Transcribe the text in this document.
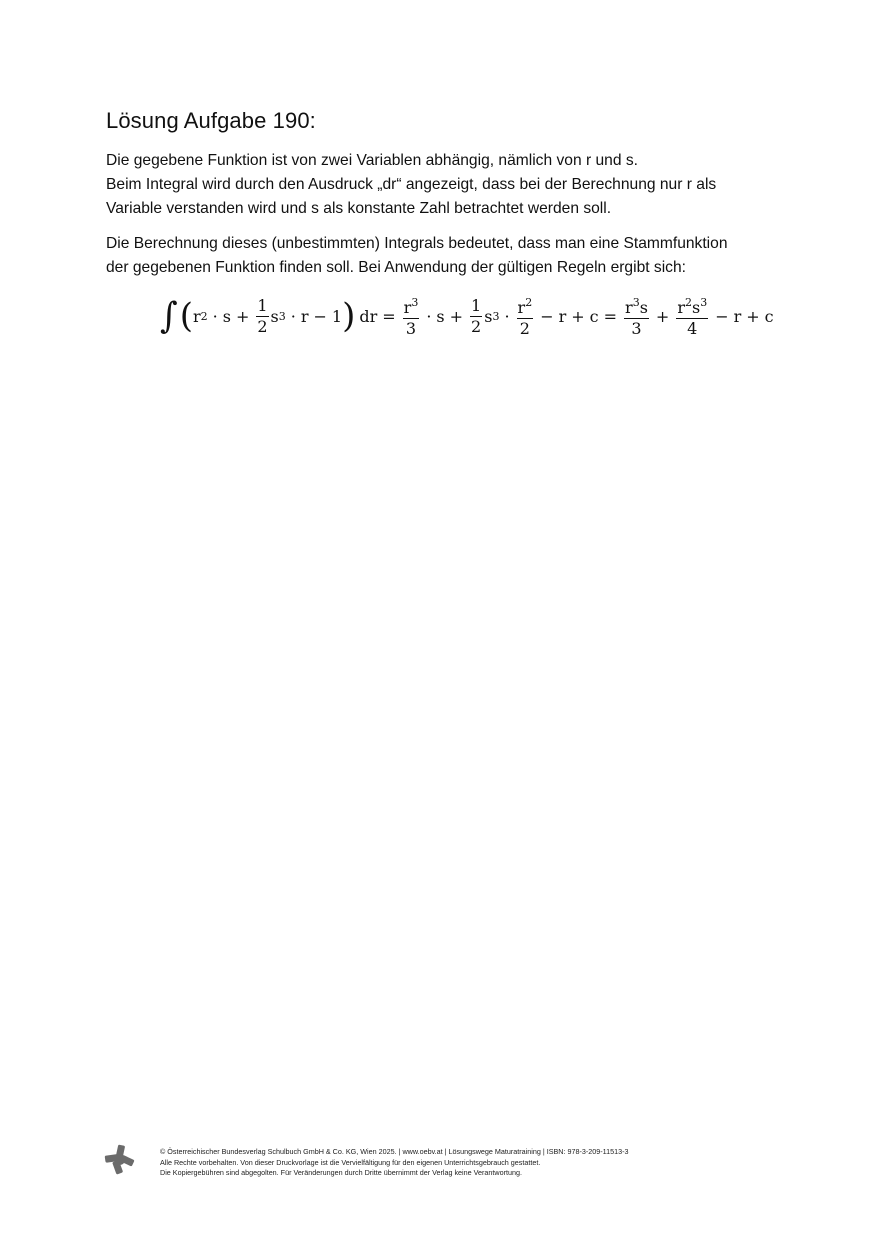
Lösung Aufgabe 190:
Die gegebene Funktion ist von zwei Variablen abhängig, nämlich von r und s.
Beim Integral wird durch den Ausdruck „dr“ angezeigt, dass bei der Berechnung nur r als
Variable verstanden wird und s als konstante Zahl betrachtet werden soll.
Die Berechnung dieses (unbestimmten) Integrals bedeutet, dass man eine Stammfunktion
der gegebenen Funktion finden soll. Bei Anwendung der gültigen Regeln ergibt sich:
∫ ( r $2 \cdot s + \frac{1}{2}$ s 3 · r − 1 ) dr = $\frac{r^3}{3} \cdot s + \frac{1}{2}$ s $3 \cdot \frac{r^2}{2} - r + c = \frac{r^3s}{3} + \frac{r^2s^3}{4} - r + c$
© Österreichischer Bundesverlag Schulbuch GmbH & Co. KG, Wien 2025. | www.oebv.at | Lösungswege Maturatraining | ISBN: 978-3-209-11513-3
Alle Rechte vorbehalten. Von dieser Druckvorlage ist die Vervielfältigung für den eigenen Unterrichtsgebrauch gestattet.
Die Kopiergebühren sind abgegolten. Für Veränderungen durch Dritte übernimmt der Verlag keine Verantwortung.
